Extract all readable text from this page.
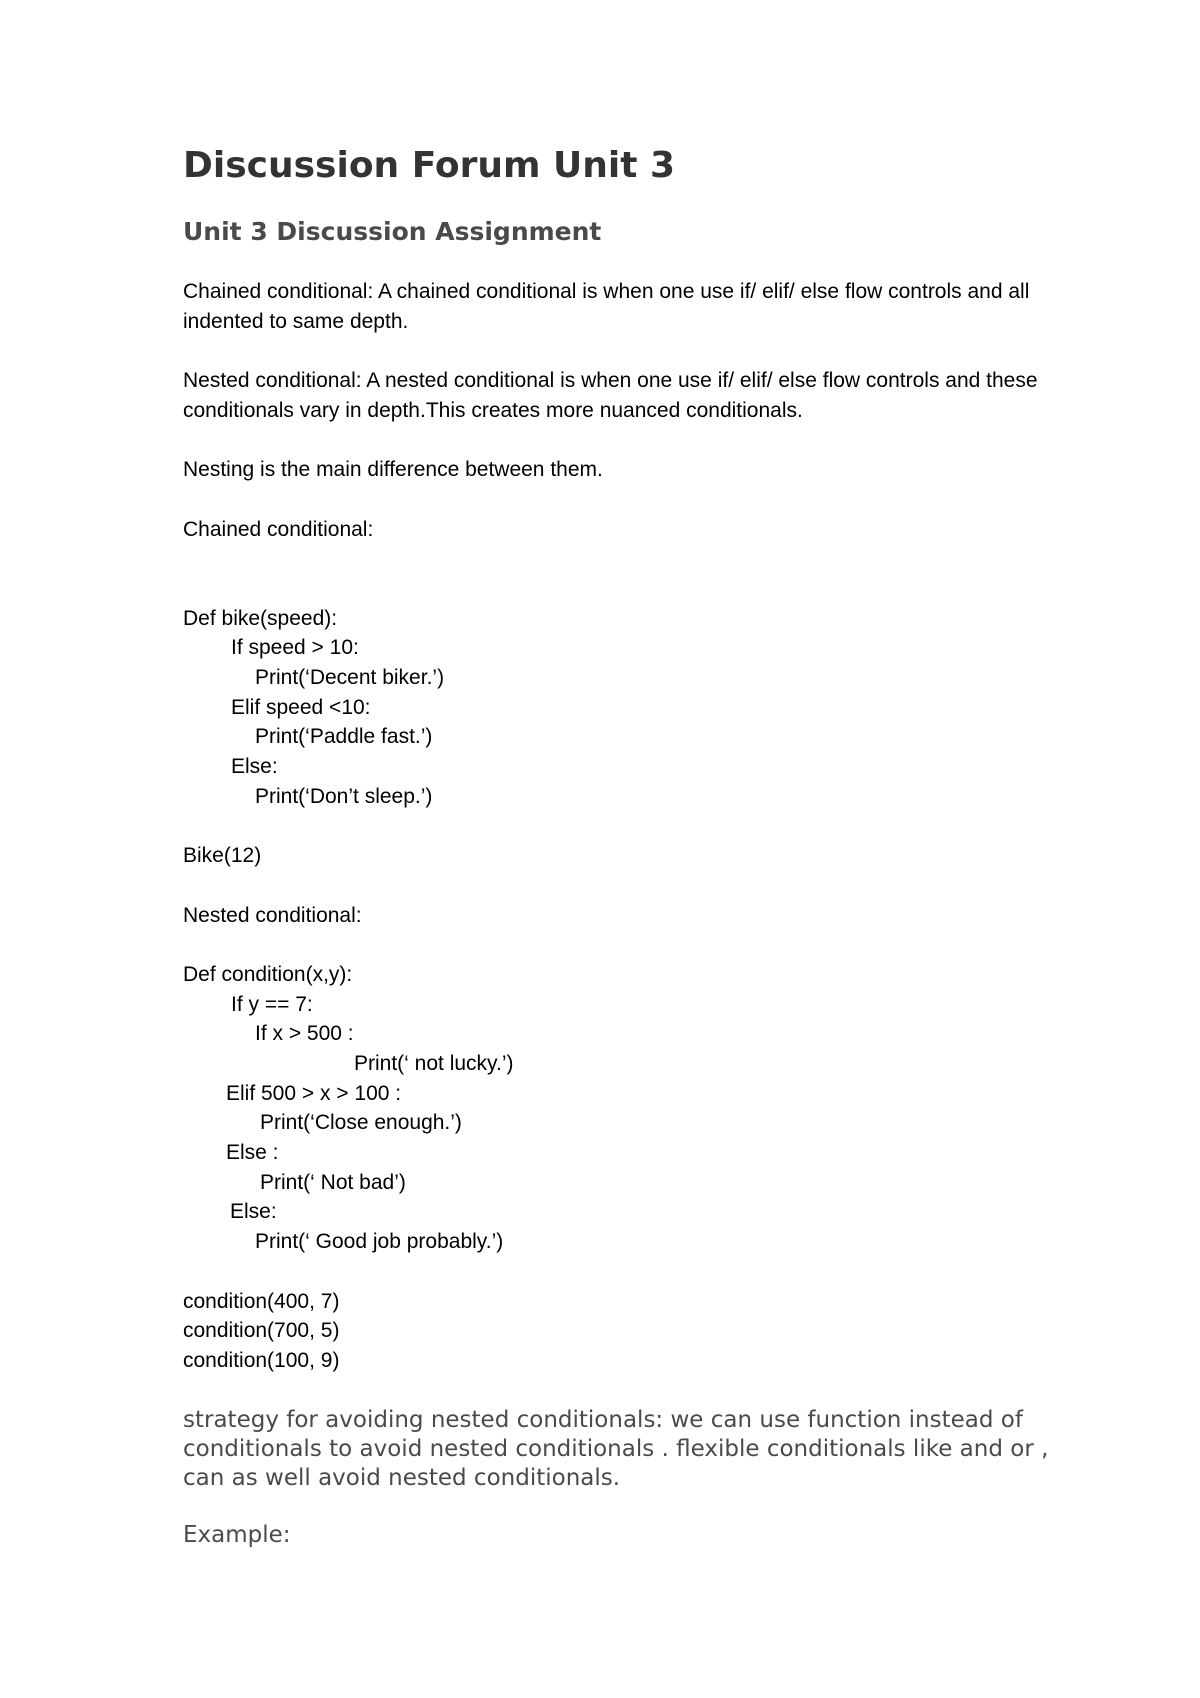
Discussion Forum Unit 3
Unit 3 Discussion Assignment

Chained conditional: A chained conditional is when one use if/ elif/ else flow controls and all indented to same depth.

Nested conditional: A nested conditional is when one use if/ elif/ else flow controls and these conditionals vary in depth.This creates more nuanced conditionals.

Nesting is the main difference between them.

Chained conditional:
Def bike(speed):
If speed > 10:
Print(‘Decent biker.’)
Elif speed <10:
Print(‘Paddle fast.’)
Else:
Print(‘Don’t sleep.’)
Bike(12)
Nested conditional:
Def condition(x,y):
If y == 7:
If x > 500 :
Print(‘ not lucky.’)
Elif 500 > x > 100 :
Print(‘Close enough.’)
Else :
Print(‘ Not bad’)
Else:
Print(‘ Good job probably.’)
condition(400, 7)
condition(700, 5)
condition(100, 9)

strategy for avoiding nested conditionals: we can use function instead of conditionals to avoid nested conditionals . flexible conditionals like and or , can as well avoid nested conditionals.

Example:
